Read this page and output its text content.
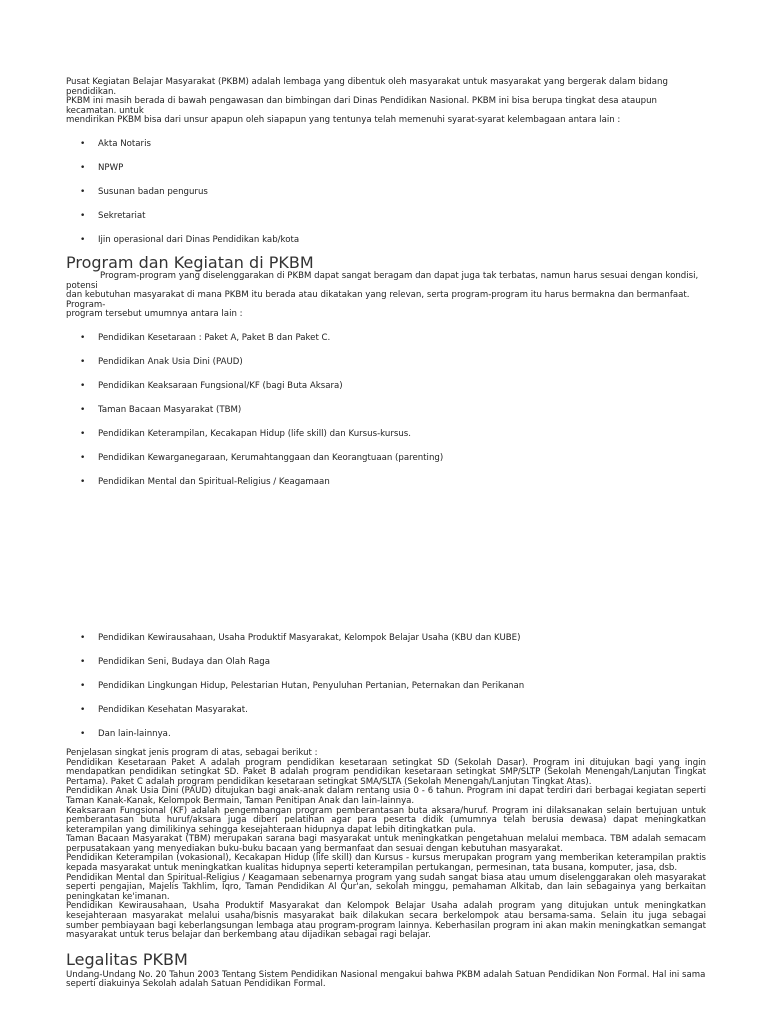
Pusat Kegiatan Belajar Masyarakat (PKBM) adalah lembaga yang dibentuk oleh masyarakat untuk masyarakat yang bergerak dalam bidang pendidikan.

PKBM ini masih berada di bawah pengawasan dan bimbingan dari Dinas Pendidikan Nasional. PKBM ini bisa berupa tingkat desa ataupun kecamatan. untuk

mendirikan PKBM bisa dari unsur apapun oleh siapapun yang tentunya telah memenuhi syarat-syarat kelembagaan antara lain :

• Akta Notaris
• NPWP
• Susunan badan pengurus
• Sekretariat
• Ijin operasional dari Dinas Pendidikan kab/kota
Program dan Kegiatan di PKBM

Program-program yang diselenggarakan di PKBM dapat sangat beragam dan dapat juga tak terbatas, namun harus sesuai dengan kondisi, potensi

dan kebutuhan masyarakat di mana PKBM itu berada atau dikatakan yang relevan, serta program-program itu harus bermakna dan bermanfaat. Program-

program tersebut umumnya antara lain :

• Pendidikan Kesetaraan : Paket A, Paket B dan Paket C.
• Pendidikan Anak Usia Dini (PAUD)
• Pendidikan Keaksaraan Fungsional/KF (bagi Buta Aksara)
• Taman Bacaan Masyarakat (TBM)
• Pendidikan Keterampilan, Kecakapan Hidup (life skill) dan Kursus-kursus.
• Pendidikan Kewarganegaraan, Kerumahtanggaan dan Keorangtuaan (parenting)
• Pendidikan Mental dan Spiritual-Religius / Keagamaan
• Pendidikan Kewirausahaan, Usaha Produktif Masyarakat, Kelompok Belajar Usaha (KBU dan KUBE)
• Pendidikan Seni, Budaya dan Olah Raga
• Pendidikan Lingkungan Hidup, Pelestarian Hutan, Penyuluhan Pertanian, Peternakan dan Perikanan
• Pendidikan Kesehatan Masyarakat.
• Dan lain-lainnya.

Penjelasan singkat jenis program di atas, sebagai berikut :

Pendidikan Kesetaraan Paket A adalah program pendidikan kesetaraan setingkat SD (Sekolah Dasar). Program ini ditujukan bagi yang ingin mendapatkan pendidikan setingkat SD. Paket B adalah program pendidikan kesetaraan setingkat SMP/SLTP (Sekolah Menengah/Lanjutan Tingkat Pertama). Paket C adalah program pendidikan kesetaraan setingkat SMA/SLTA (Sekolah Menengah/Lanjutan Tingkat Atas).

Pendidikan Anak Usia Dini (PAUD) ditujukan bagi anak-anak dalam rentang usia 0 - 6 tahun. Program ini dapat terdiri dari berbagai kegiatan seperti Taman Kanak-Kanak, Kelompok Bermain, Taman Penitipan Anak dan lain-lainnya.

Keaksaraan Fungsional (KF) adalah pengembangan program pemberantasan buta aksara/huruf. Program ini dilaksanakan selain bertujuan untuk pemberantasan buta huruf/aksara juga diberi pelatihan agar para peserta didik (umumnya telah berusia dewasa) dapat meningkatkan keterampilan yang dimilikinya sehingga kesejahteraan hidupnya dapat lebih ditingkatkan pula.

Taman Bacaan Masyarakat (TBM) merupakan sarana bagi masyarakat untuk meningkatkan pengetahuan melalui membaca. TBM adalah semacam perpusatakaan yang menyediakan buku-buku bacaan yang bermanfaat dan sesuai dengan kebutuhan masyarakat.

Pendidikan Keterampilan (vokasional), Kecakapan Hidup (life skill) dan Kursus - kursus merupakan program yang memberikan keterampilan praktis kepada masyarakat untuk meningkatkan kualitas hidupnya seperti keterampilan pertukangan, permesinan, tata busana, komputer, jasa, dsb.

Pendidikan Mental dan Spiritual-Religius / Keagamaan sebenarnya program yang sudah sangat biasa atau umum diselenggarakan oleh masyarakat seperti pengajian, Majelis Takhlim, Iqro, Taman Pendidikan Al Qur'an, sekolah minggu, pemahaman Alkitab, dan lain sebagainya yang berkaitan peningkatan ke'imanan.

Pendidikan Kewirausahaan, Usaha Produktif Masyarakat dan Kelompok Belajar Usaha adalah program yang ditujukan untuk meningkatkan kesejahteraan masyarakat melalui usaha/bisnis masyarakat baik dilakukan secara berkelompok atau bersama-sama. Selain itu juga sebagai sumber pembiayaan bagi keberlangsungan lembaga atau program-program lainnya. Keberhasilan program ini akan makin meningkatkan semangat masyarakat untuk terus belajar dan berkembang atau dijadikan sebagai ragi belajar.

Legalitas PKBM

Undang-Undang No. 20 Tahun 2003 Tentang Sistem Pendidikan Nasional mengakui bahwa PKBM adalah Satuan Pendidikan Non Formal. Hal ini sama

seperti diakuinya Sekolah adalah Satuan Pendidikan Formal.
